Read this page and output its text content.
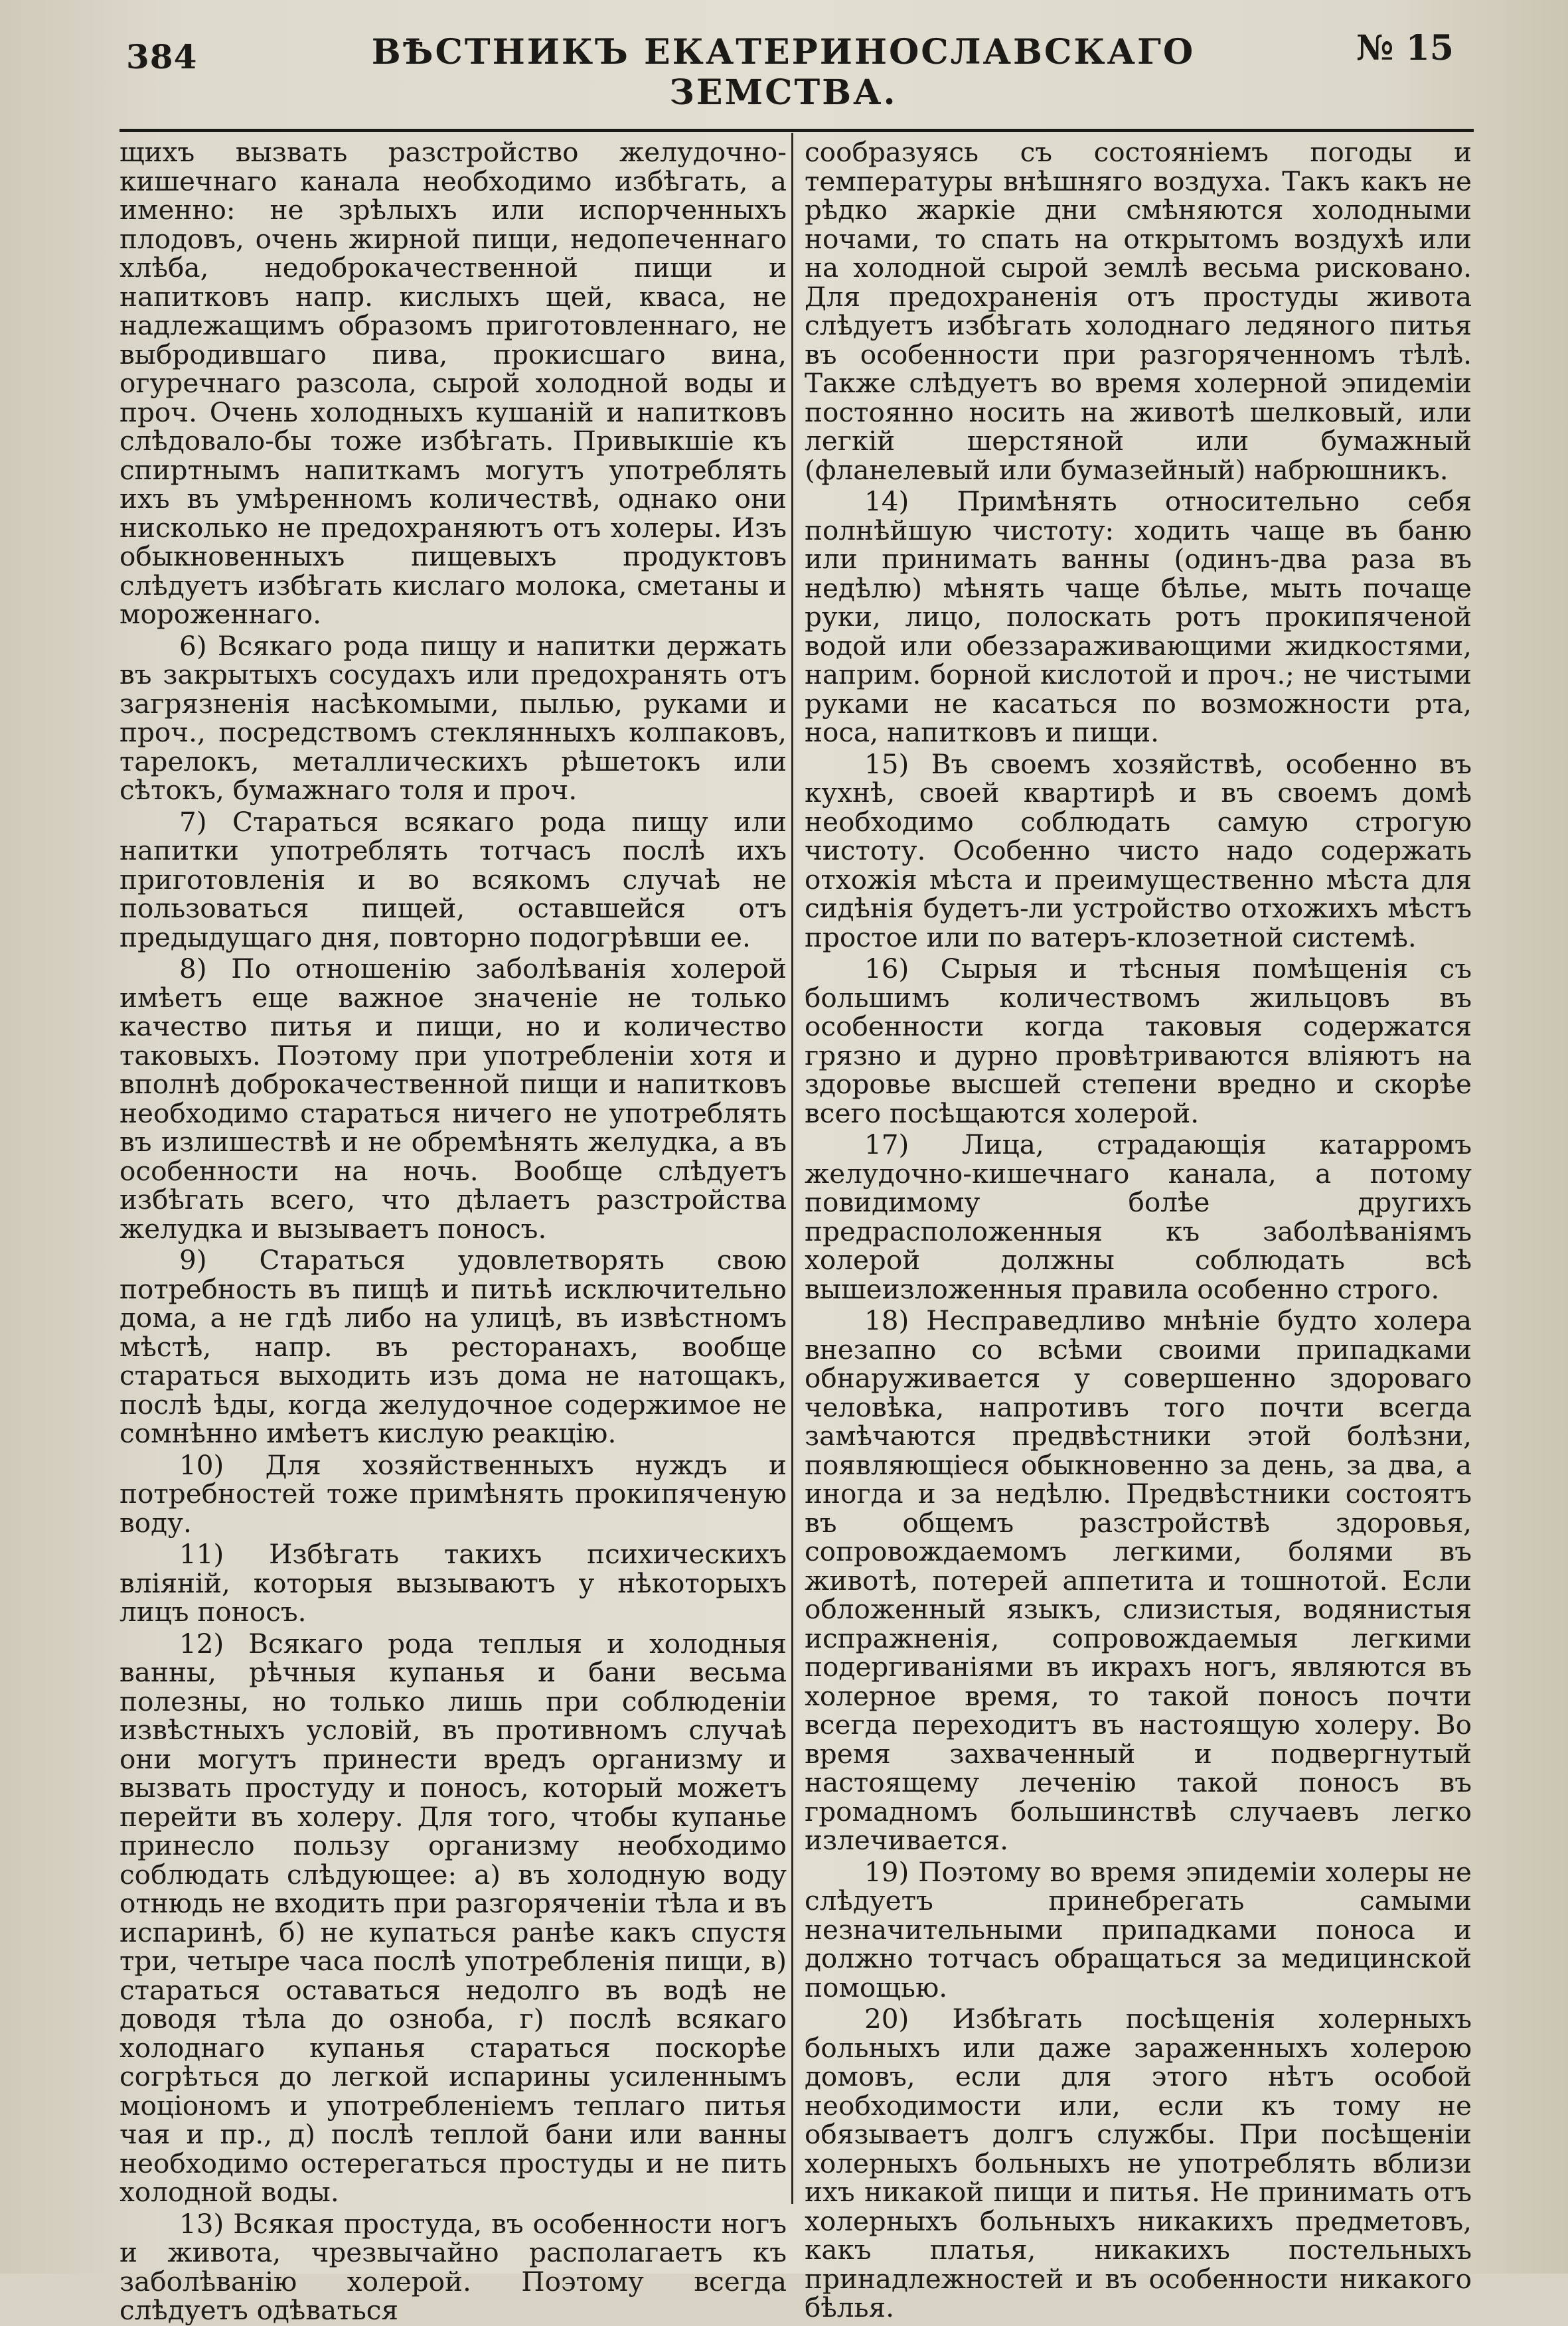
384	ВѢСТНИКЪ ЕКАТЕРИНОСЛАВСКАГО ЗЕМСТВА.
№ 15

щихъ вызвать разстройство желудочно-кишечнаго канала необходимо избѣгать, а именно: не зрѣлыхъ или испорченныхъ плодовъ, очень жирной пищи, недопеченнаго хлѣба, недоброкачественной пищи и напитковъ напр. кислыхъ щей, кваса, не надлежащимъ образомъ приготовленнаго, не выбродившаго пива, прокисшаго вина, огуречнаго разсола, сырой холодной воды и проч. Очень холодныхъ кушаній и напитковъ слѣдовало-бы тоже избѣгать. Привыкшіе къ спиртнымъ напиткамъ могутъ употреблять ихъ въ умѣренномъ количествѣ, однако они нисколько не предохраняютъ отъ холеры. Изъ обыкновенныхъ пищевыхъ продуктовъ слѣдуетъ избѣгать кислаго молока, сметаны и мороженнаго.

6) Всякаго рода пищу и напитки держать въ закрытыхъ сосудахъ или предохранять отъ загрязненія насѣкомыми, пылью, руками и проч., посредствомъ стеклянныхъ колпаковъ, тарелокъ, металлическихъ рѣшетокъ или сѣтокъ, бумажнаго толя и проч.

7) Стараться всякаго рода пищу или напитки употреблять тотчасъ послѣ ихъ приготовленія и во всякомъ случаѣ не пользоваться пищей, оставшейся отъ предыдущаго дня, повторно подогрѣвши ее.

8) По отношенію заболѣванія холерой имѣетъ еще важное значеніе не только качество питья и пищи, но и количество таковыхъ. Поэтому при употребленіи хотя и вполнѣ доброкачественной пищи и напитковъ необходимо стараться ничего не употреблять въ излишествѣ и не обремѣнять желудка, а въ особенности на ночь. Вообще слѣдуетъ избѣгать всего, что дѣлаетъ разстройства желудка и вызываетъ поносъ.

9) Стараться удовлетворять свою потребность въ пищѣ и питьѣ исключительно дома, а не гдѣ либо на улицѣ, въ извѣстномъ мѣстѣ, напр. въ ресторанахъ, вообще стараться выходить изъ дома не натощакъ, послѣ ѣды, когда желудочное содержимое не сомнѣнно имѣетъ кислую реакцію.

10) Для хозяйственныхъ нуждъ и потребностей тоже примѣнять прокипяченую воду.

11) Избѣгать такихъ психическихъ вліяній, которыя вызываютъ у нѣкоторыхъ лицъ поносъ.

12) Всякаго рода теплыя и холодныя ванны, рѣчныя купанья и бани весьма полезны, но только лишь при соблюденіи извѣстныхъ условій, въ противномъ случаѣ они могутъ принести вредъ организму и вызвать простуду и поносъ, который можетъ перейти въ холеру. Для того, чтобы купанье принесло пользу организму необходимо соблюдать слѣдующее: а) въ холодную воду отнюдь не входить при разгоряченіи тѣла и въ испаринѣ, б) не купаться ранѣе какъ спустя три, четыре часа послѣ употребленія пищи, в) стараться оставаться недолго въ водѣ не доводя тѣла до озноба, г) послѣ всякаго холоднаго купанья стараться поскорѣе согрѣться до легкой испарины усиленнымъ моціономъ и употребленіемъ теплаго питья чая и пр., д) послѣ теплой бани или ванны необходимо остерегаться простуды и не пить холодной воды.

13) Всякая простуда, въ особенности ногъ и живота, чрезвычайно располагаетъ къ заболѣванію холерой. Поэтому всегда слѣдуетъ одѣваться

сообразуясь съ состояніемъ погоды и температуры внѣшняго воздуха. Такъ какъ не рѣдко жаркіе дни смѣняются холодными ночами, то спать на открытомъ воздухѣ или на холодной сырой землѣ весьма рисковано. Для предохраненія отъ простуды живота слѣдуетъ избѣгать холоднаго ледяного питья въ особенности при разгоряченномъ тѣлѣ. Также слѣдуетъ во время холерной эпидеміи постоянно носить на животѣ шелковый, или легкій шерстяной или бумажный (фланелевый или бумазейный) набрюшникъ.

14) Примѣнять относительно себя полнѣйшую чистоту: ходить чаще въ баню или принимать ванны (одинъ-два раза въ недѣлю) мѣнять чаще бѣлье, мыть почаще руки, лицо, полоскать ротъ прокипяченой водой или обеззараживающими жидкостями, наприм. борной кислотой и проч.; не чистыми руками не касаться по возможности рта, носа, напитковъ и пищи.

15) Въ своемъ хозяйствѣ, особенно въ кухнѣ, своей квартирѣ и въ своемъ домѣ необходимо соблюдать самую строгую чистоту. Особенно чисто надо содержать отхожія мѣста и преимущественно мѣста для сидѣнія будетъ-ли устройство отхожихъ мѣстъ простое или по ватеръ-клозетной системѣ.

16) Сырыя и тѣсныя помѣщенія съ большимъ количествомъ жильцовъ въ особенности когда таковыя содержатся грязно и дурно провѣтриваются вліяютъ на здоровье высшей степени вредно и скорѣе всего посѣщаются холерой.

17) Лица, страдающія катарромъ желудочно-кишечнаго канала, а потому повидимому болѣе другихъ предрасположенныя къ заболѣваніямъ холерой должны соблюдать всѣ вышеизложенныя правила особенно строго.

18) Несправедливо мнѣніе будто холера внезапно со всѣми своими припадками обнаруживается у совершенно здороваго человѣка, напротивъ того почти всегда замѣчаются предвѣстники этой болѣзни, появляющіеся обыкновенно за день, за два, а иногда и за недѣлю. Предвѣстники состоятъ въ общемъ разстройствѣ здоровья, сопровождаемомъ легкими, болями въ животѣ, потерей аппетита и тошнотой. Если обложенный языкъ, слизистыя, водянистыя испражненія, сопровождаемыя легкими подергиваніями въ икрахъ ногъ, являются въ холерное время, то такой поносъ почти всегда переходитъ въ настоящую холеру. Во время захваченный и подвергнутый настоящему леченію такой поносъ въ громадномъ большинствѣ случаевъ легко излечивается.

19) Поэтому во время эпидеміи холеры не слѣдуетъ принебрегать самыми незначительными припадками поноса и должно тотчасъ обращаться за медицинской помощью.

20) Избѣгать посѣщенія холерныхъ больныхъ или даже зараженныхъ холерою домовъ, если для этого нѣтъ особой необходимости или, если къ тому не обязываетъ долгъ службы. При посѣщеніи холерныхъ больныхъ не употреблять вблизи ихъ никакой пищи и питья. Не принимать отъ холерныхъ больныхъ никакихъ предметовъ, какъ платья, никакихъ постельныхъ принадлежностей и въ особенности никакого бѣлья.
